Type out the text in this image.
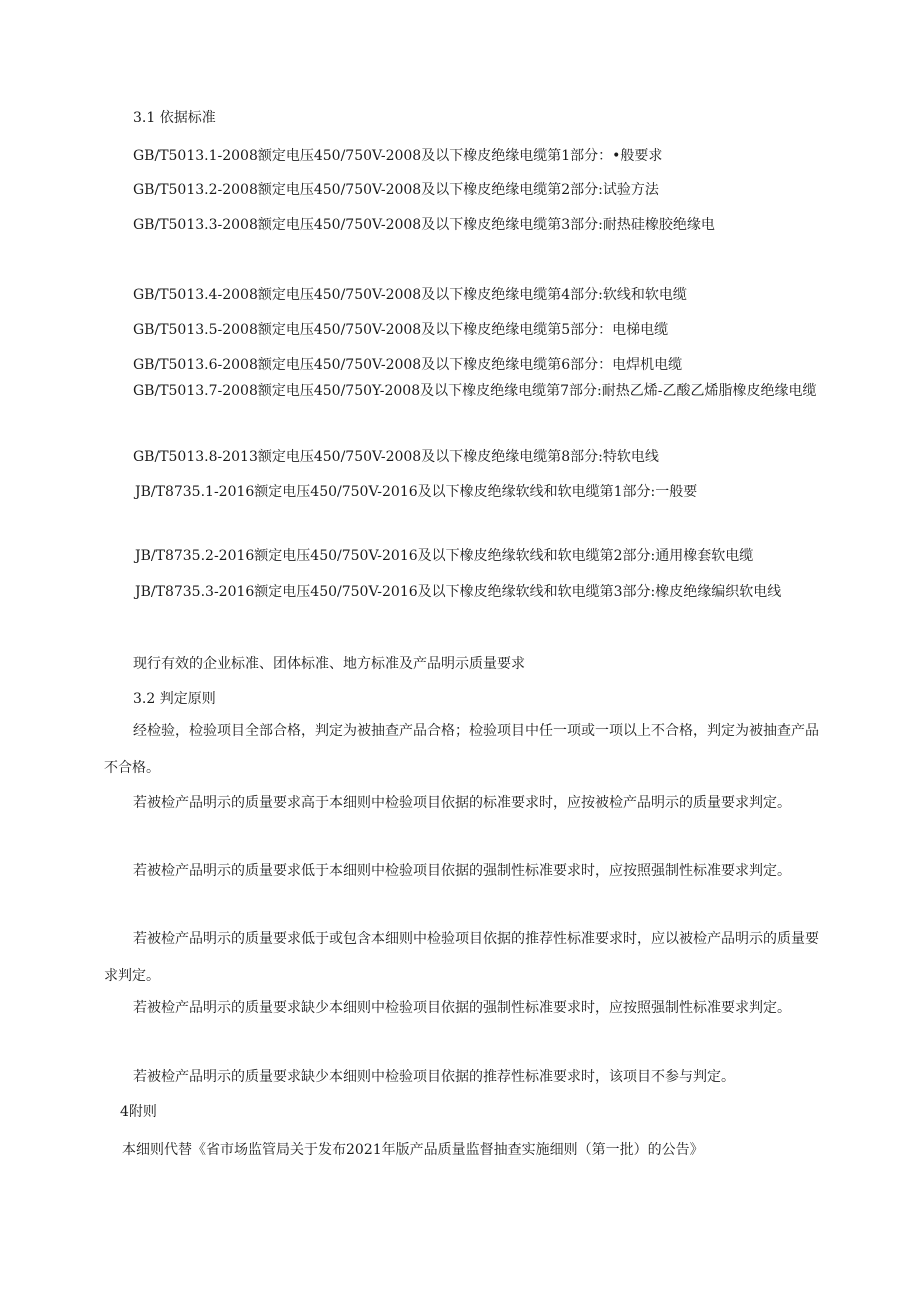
3.1 依据标准

GB/T5013.1-2008额定电压450/750V-2008及以下橡皮绝缘电缆第1部分：•般要求

GB/T5013.2-2008额定电压450/750V-2008及以下橡皮绝缘电缆第2部分:试验方法

GB/T5013.3-2008额定电压450/750V-2008及以下橡皮绝缘电缆第3部分:耐热硅橡胶绝缘电

GB/T5013.4-2008额定电压450/750V-2008及以下橡皮绝缘电缆第4部分:软线和软电缆

GB/T5013.5-2008额定电压450/750V-2008及以下橡皮绝缘电缆第5部分：电梯电缆

GB/T5013.6-2008额定电压450/750V-2008及以下橡皮绝缘电缆第6部分：电焊机电缆

GB/T5013.7-2008额定电压450/750Y-2008及以下橡皮绝缘电缆第7部分:耐热乙烯-乙酸乙烯脂橡皮绝缘电缆

GB/T5013.8-2013额定电压450/750V-2008及以下橡皮绝缘电缆第8部分:特软电线

JB/T8735.1-2016额定电压450/750V-2016及以下橡皮绝缘软线和软电缆第1部分:一般要

JB/T8735.2-2016额定电压450/750V-2016及以下橡皮绝缘软线和软电缆第2部分:通用橡套软电缆

JB/T8735.3-2016额定电压450/750V-2016及以下橡皮绝缘软线和软电缆第3部分:橡皮绝缘编织软电线

现行有效的企业标准、团体标准、地方标准及产品明示质量要求

3.2 判定原则

经检验，检验项目全部合格，判定为被抽查产品合格；检验项目中任一项或一项以上不合格，判定为被抽查产品不合格。

若被检产品明示的质量要求高于本细则中检验项目依据的标准要求时，应按被检产品明示的质量要求判定。

若被检产品明示的质量要求低于本细则中检验项目依据的强制性标准要求时，应按照强制性标准要求判定。

若被检产品明示的质量要求低于或包含本细则中检验项目依据的推荐性标准要求时，应以被检产品明示的质量要求判定。

若被检产品明示的质量要求缺少本细则中检验项目依据的强制性标准要求时，应按照强制性标准要求判定。

若被检产品明示的质量要求缺少本细则中检验项目依据的推荐性标准要求时，该项目不参与判定。

4附则

本细则代替《省市场监管局关于发布2021年版产品质量监督抽查实施细则（第一批）的公告》
